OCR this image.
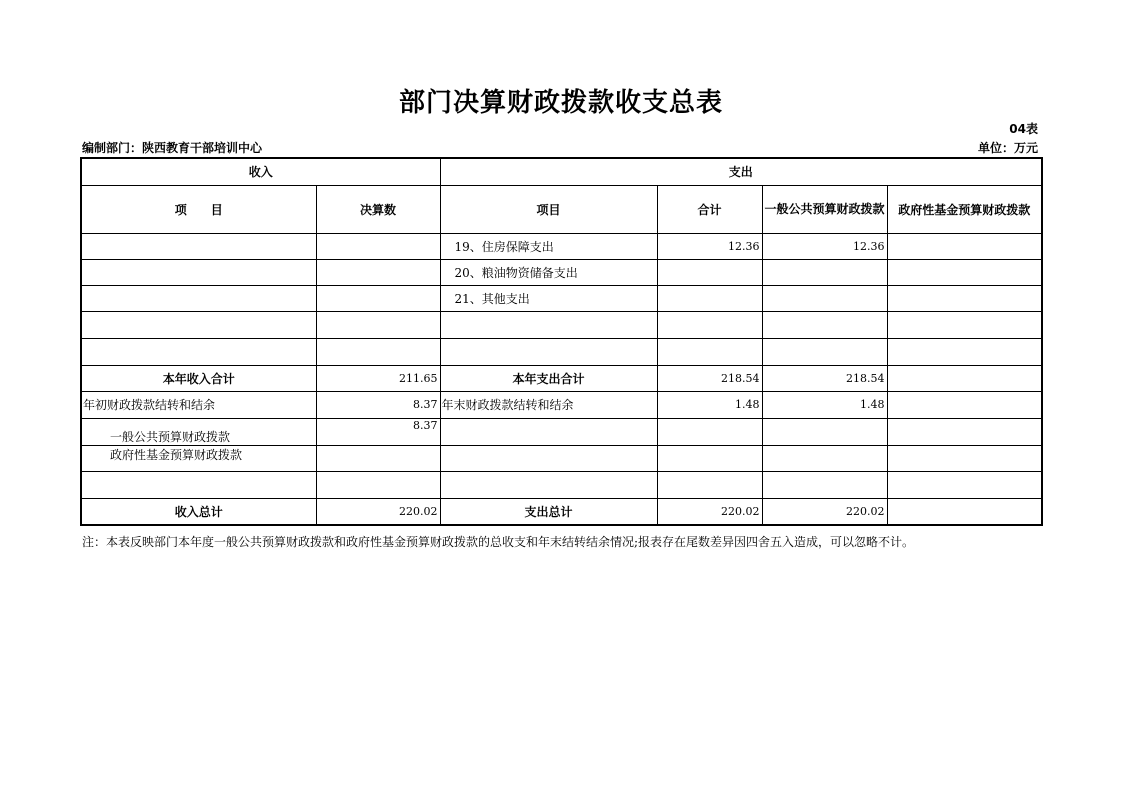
部门决算财政拨款收支总表
04表
编制部门：陕西教育干部培训中心	单位：万元
收入		支出			
项　　目	决算数	项目	合计	一般公共预算财政拨款	政府性基金预算财政拨款
		19、住房保障支出	12.36	12.36	
		20、粮油物资储备支出			
		21、其他支出			

本年收入合计	211.65	本年支出合计	218.54	218.54	
年初财政拨款结转和结余	8.37	年末财政拨款结转和结余	1.48	1.48	
一般公共预算财政拨款	8.37				
政府性基金预算财政拨款					

收入总计	220.02	支出总计	220.02	220.02	
注：本表反映部门本年度一般公共预算财政拨款和政府性基金预算财政拨款的总收支和年末结转结余情况;报表存在尾数差异因四舍五入造成，可以忽略不计。
